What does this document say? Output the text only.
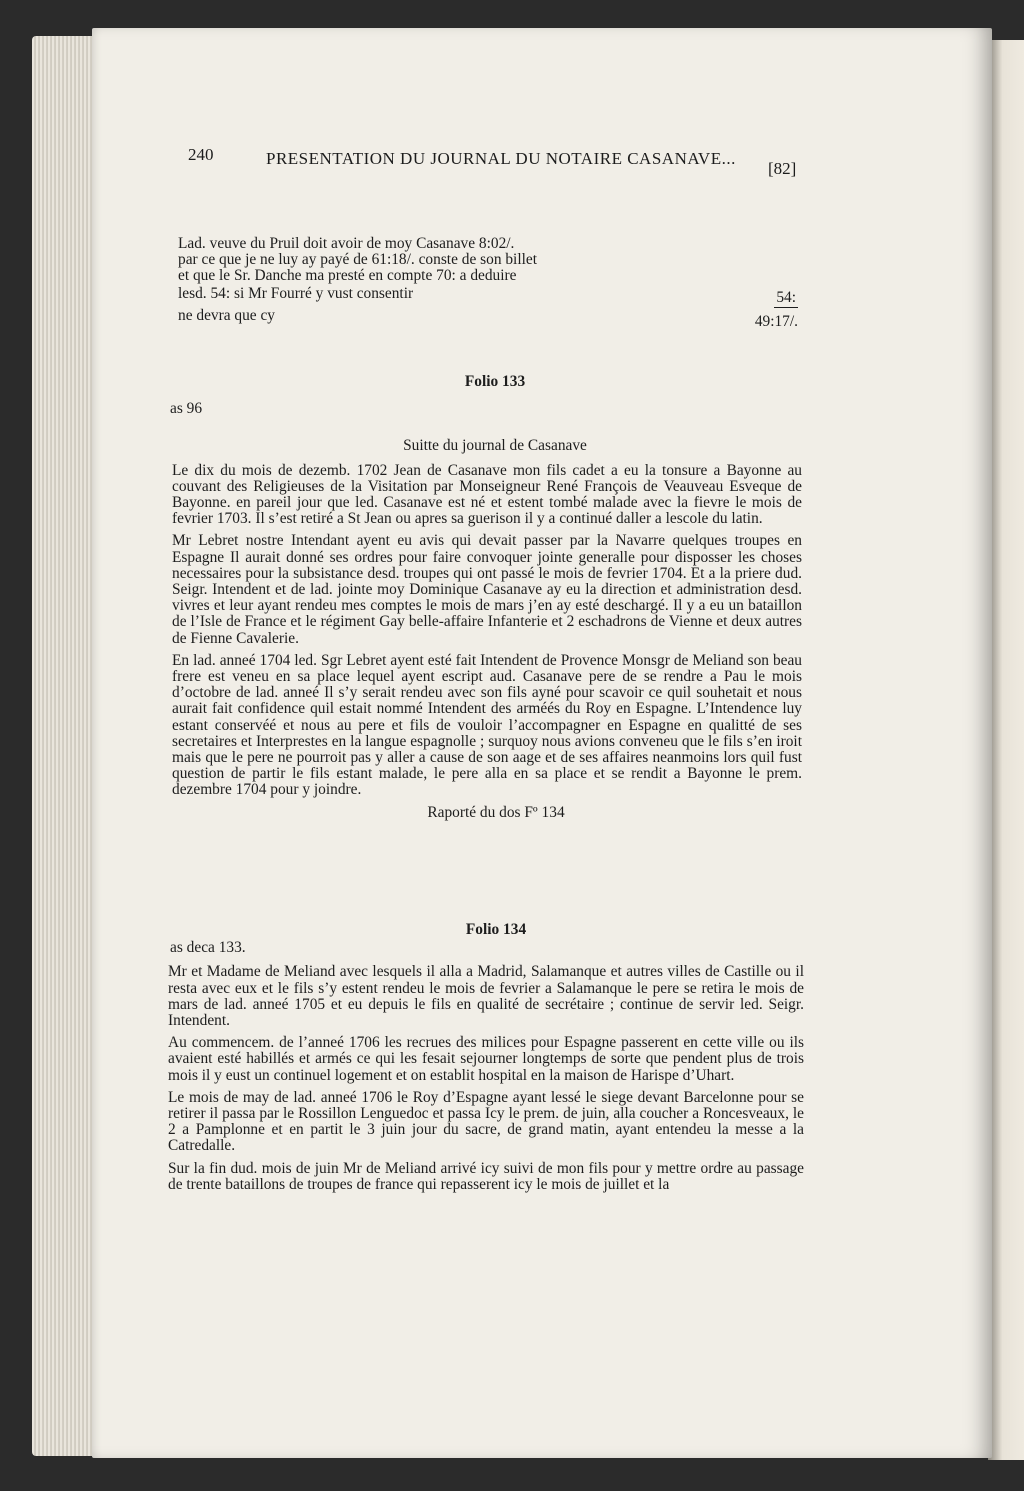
240	PRESENTATION DU JOURNAL DU NOTAIRE CASANAVE...
[82]
Lad. veuve du Pruil doit avoir de moy Casanave 8:02/.
par ce que je ne luy ay payé de 61:18/. conste de son billet
et que le Sr. Danche ma presté en compte 70: a deduire
lesd. 54: si Mr Fourré y vust consentir	54:
ne devra que cy	49:17/.
Folio 133
as 96
Suitte du journal de Casanave

Le dix du mois de dezemb. 1702 Jean de Casanave mon fils cadet a eu la tonsure a Bayonne au couvant des Religieuses de la Visitation par Monseigneur René François de Veauveau Esveque de Bayonne. en pareil jour que led. Casanave est né et estent tombé malade avec la fievre le mois de fevrier 1703. Il s’est retiré a St Jean ou apres sa guerison il y a continué daller a lescole du latin.

Mr Lebret nostre Intendant ayent eu avis qui devait passer par la Navarre quelques troupes en Espagne Il aurait donné ses ordres pour faire convoquer jointe generalle pour disposser les choses necessaires pour la subsistance desd. troupes qui ont passé le mois de fevrier 1704. Et a la priere dud. Seigr. Intendent et de lad. jointe moy Dominique Casanave ay eu la direction et administration desd. vivres et leur ayant rendeu mes comptes le mois de mars j’en ay esté deschargé. Il y a eu un bataillon de l’Isle de France et le régiment Gay belle-affaire Infanterie et 2 eschadrons de Vienne et deux autres de Fienne Cavalerie.

En lad. anneé 1704 led. Sgr Lebret ayent esté fait Intendent de Provence Monsgr de Meliand son beau frere est veneu en sa place lequel ayent escript aud. Casanave pere de se rendre a Pau le mois d’octobre de lad. anneé Il s’y serait rendeu avec son fils ayné pour scavoir ce quil souhetait et nous aurait fait confidence quil estait nommé Intendent des arméés du Roy en Espagne. L’Intendence luy estant conservéé et nous au pere et fils de vouloir l’accompagner en Espagne en qualitté de ses secretaires et Interprestes en la langue espagnolle ; surquoy nous avions conveneu que le fils s’en iroit mais que le pere ne pourroit pas y aller a cause de son aage et de ses affaires neanmoins lors quil fust question de partir le fils estant malade, le pere alla en sa place et se rendit a Bayonne le prem. dezembre 1704 pour y joindre.

Raporté du dos Fº 134
Folio 134
as deca 133.

Mr et Madame de Meliand avec lesquels il alla a Madrid, Salamanque et autres villes de Castille ou il resta avec eux et le fils s’y estent rendeu le mois de fevrier a Salamanque le pere se retira le mois de mars de lad. anneé 1705 et eu depuis le fils en qualité de secrétaire ; continue de servir led. Seigr. Intendent.

Au commencem. de l’anneé 1706 les recrues des milices pour Espagne passerent en cette ville ou ils avaient esté habillés et armés ce qui les fesait sejourner longtemps de sorte que pendent plus de trois mois il y eust un continuel logement et on establit hospital en la maison de Harispe d’Uhart.

Le mois de may de lad. anneé 1706 le Roy d’Espagne ayant lessé le siege devant Barcelonne pour se retirer il passa par le Rossillon Lenguedoc et passa Icy le prem. de juin, alla coucher a Roncesveaux, le 2 a Pamplonne et en partit le 3 juin jour du sacre, de grand matin, ayant entendeu la messe a la Catredalle.

Sur la fin dud. mois de juin Mr de Meliand arrivé icy suivi de mon fils pour y mettre ordre au passage de trente bataillons de troupes de france qui repasserent icy le mois de juillet et la
